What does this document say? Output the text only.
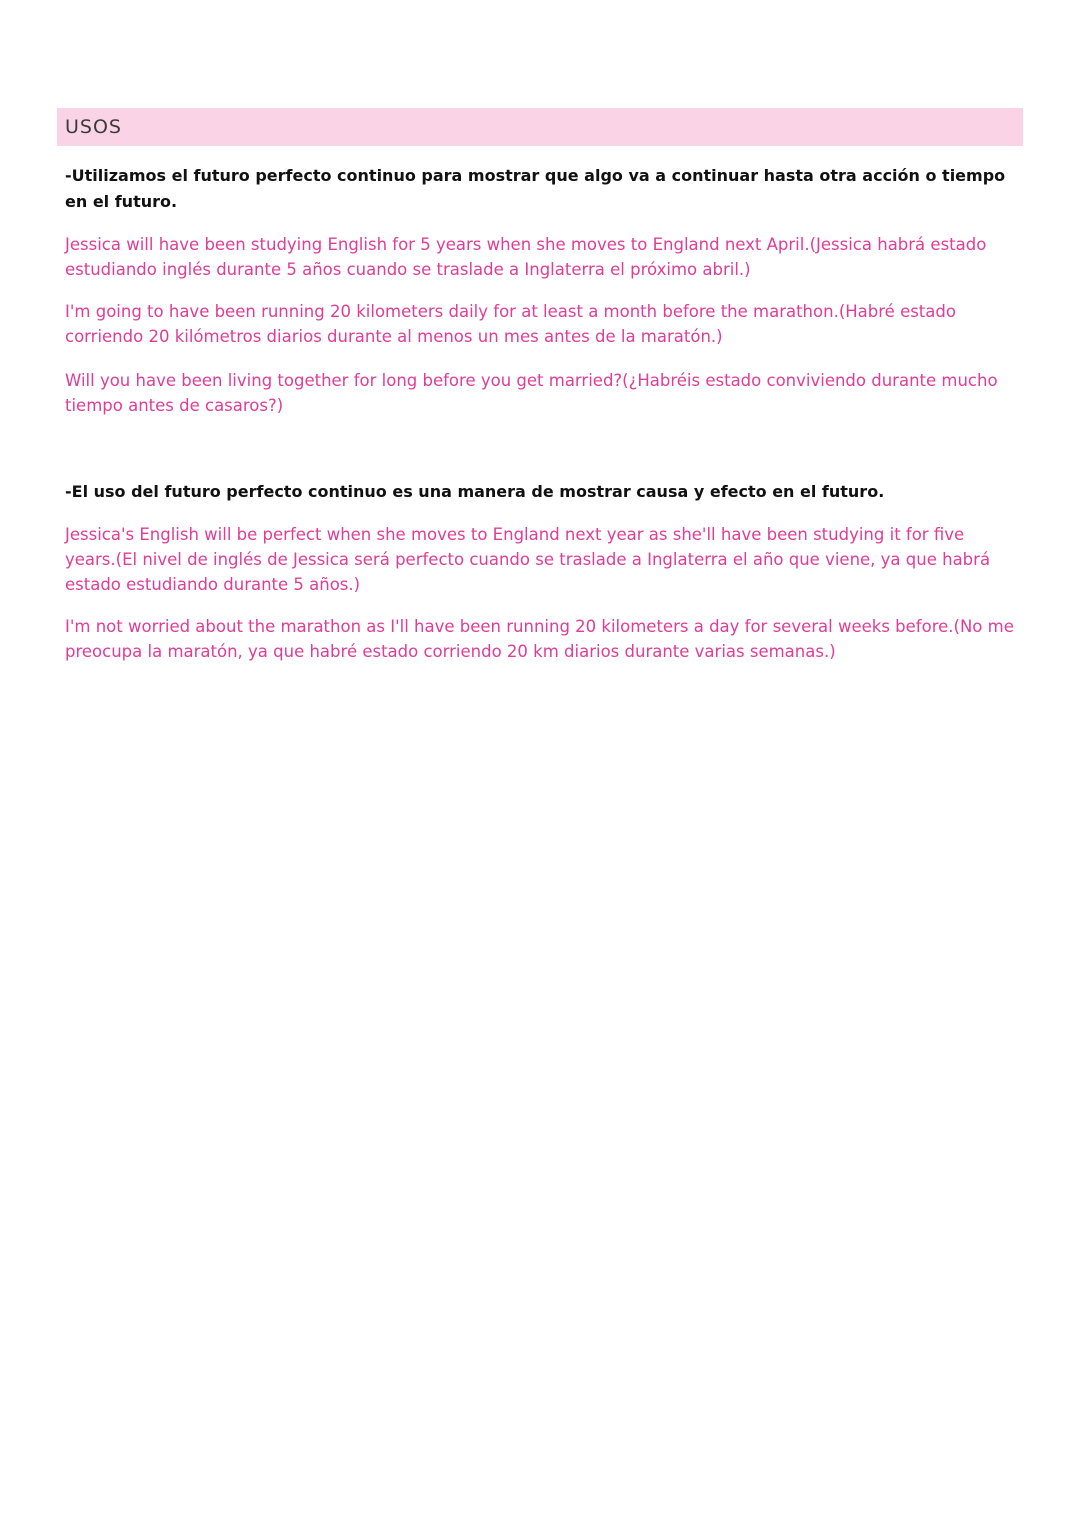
USOS

-Utilizamos el futuro perfecto continuo para mostrar que algo va a continuar hasta otra acción o tiempo en el futuro.

Jessica will have been studying English for 5 years when she moves to England next April.(Jessica habrá estado estudiando inglés durante 5 años cuando se traslade a Inglaterra el próximo abril.)

I'm going to have been running 20 kilometers daily for at least a month before the marathon.(Habré estado corriendo 20 kilómetros diarios durante al menos un mes antes de la maratón.)

Will you have been living together for long before you get married?(¿Habréis estado conviviendo durante mucho tiempo antes de casaros?)

-El uso del futuro perfecto continuo es una manera de mostrar causa y efecto en el futuro.

Jessica's English will be perfect when she moves to England next year as she'll have been studying it for five years.(El nivel de inglés de Jessica será perfecto cuando se traslade a Inglaterra el año que viene, ya que habrá estado estudiando durante 5 años.)

I'm not worried about the marathon as I'll have been running 20 kilometers a day for several weeks before.(No me preocupa la maratón, ya que habré estado corriendo 20 km diarios durante varias semanas.)
